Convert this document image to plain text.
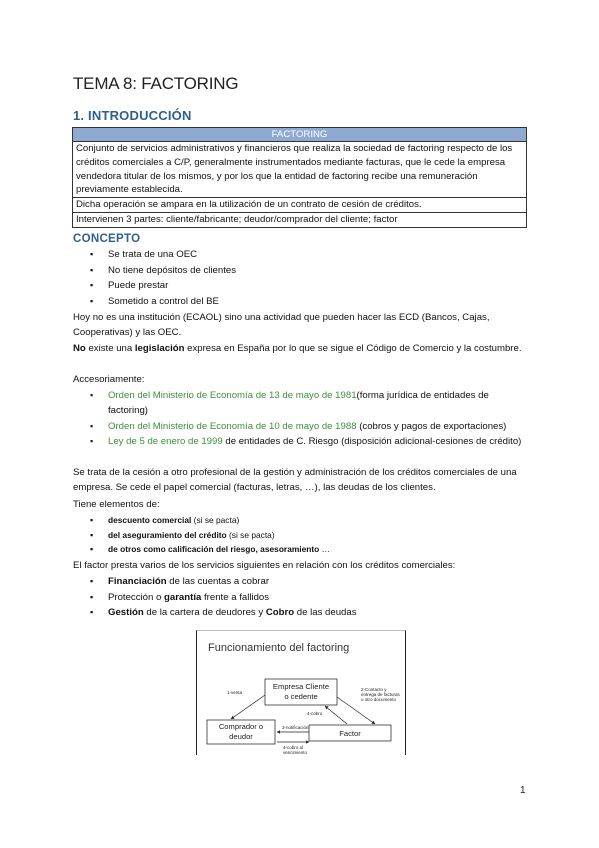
TEMA 8: FACTORING
1. INTRODUCCIÓN
FACTORING
Conjunto de servicios administrativos y financieros que realiza la sociedad de factoring respecto de los créditos comerciales a C/P, generalmente instrumentados mediante facturas, que le cede la empresa vendedora titular de los mismos, y por los que la entidad de factoring recibe una remuneración previamente establecida.
Dicha operación se ampara en la utilización de un contrato de cesión de créditos.
Intervienen 3 partes: cliente/fabricante; deudor/comprador del cliente; factor
CONCEPTO
▪ Se trata de una OEC
▪ No tiene depósitos de clientes
▪ Puede prestar
▪ Sometido a control del BE
Hoy no es una institución (ECAOL) sino una actividad que pueden hacer las ECD (Bancos, Cajas, Cooperativas) y las OEC.
No existe una legislación expresa en España por lo que se sigue el Código de Comercio y la costumbre.
Accesoriamente:
▪ Orden del Ministerio de Economía de 13 de mayo de 1981(forma jurídica de entidades de factoring)
▪ Orden del Ministerio de Economía de 10 de mayo de 1988 (cobros y pagos de exportaciones)
▪ Ley de 5 de enero de 1999 de entidades de C. Riesgo (disposición adicional-cesiones de crédito)
Se trata de la cesión a otro profesional de la gestión y administración de los créditos comerciales de una empresa. Se cede el papel comercial (facturas, letras, …), las deudas de los clientes.
Tiene elementos de:
▪ descuento comercial (si se pacta)
▪ del aseguramiento del crédito (si se pacta)
▪ de otros como calificación del riesgo, asesoramiento …
El factor presta varios de los servicios siguientes en relación con los créditos comerciales:
▪ Financiación de las cuentas a cobrar
▪ Protección o garantía frente a fallidos
▪ Gestión de la cartera de deudores y Cobro de las deudas
Funcionamiento del factoring
Empresa Cliente
o cedente
Comprador o
deudor	Factor
1-venta
2-Contacto y
entrega de facturas
u otro documento
4-cobro
3-notificación
4-cobro al
vencimiento
1
